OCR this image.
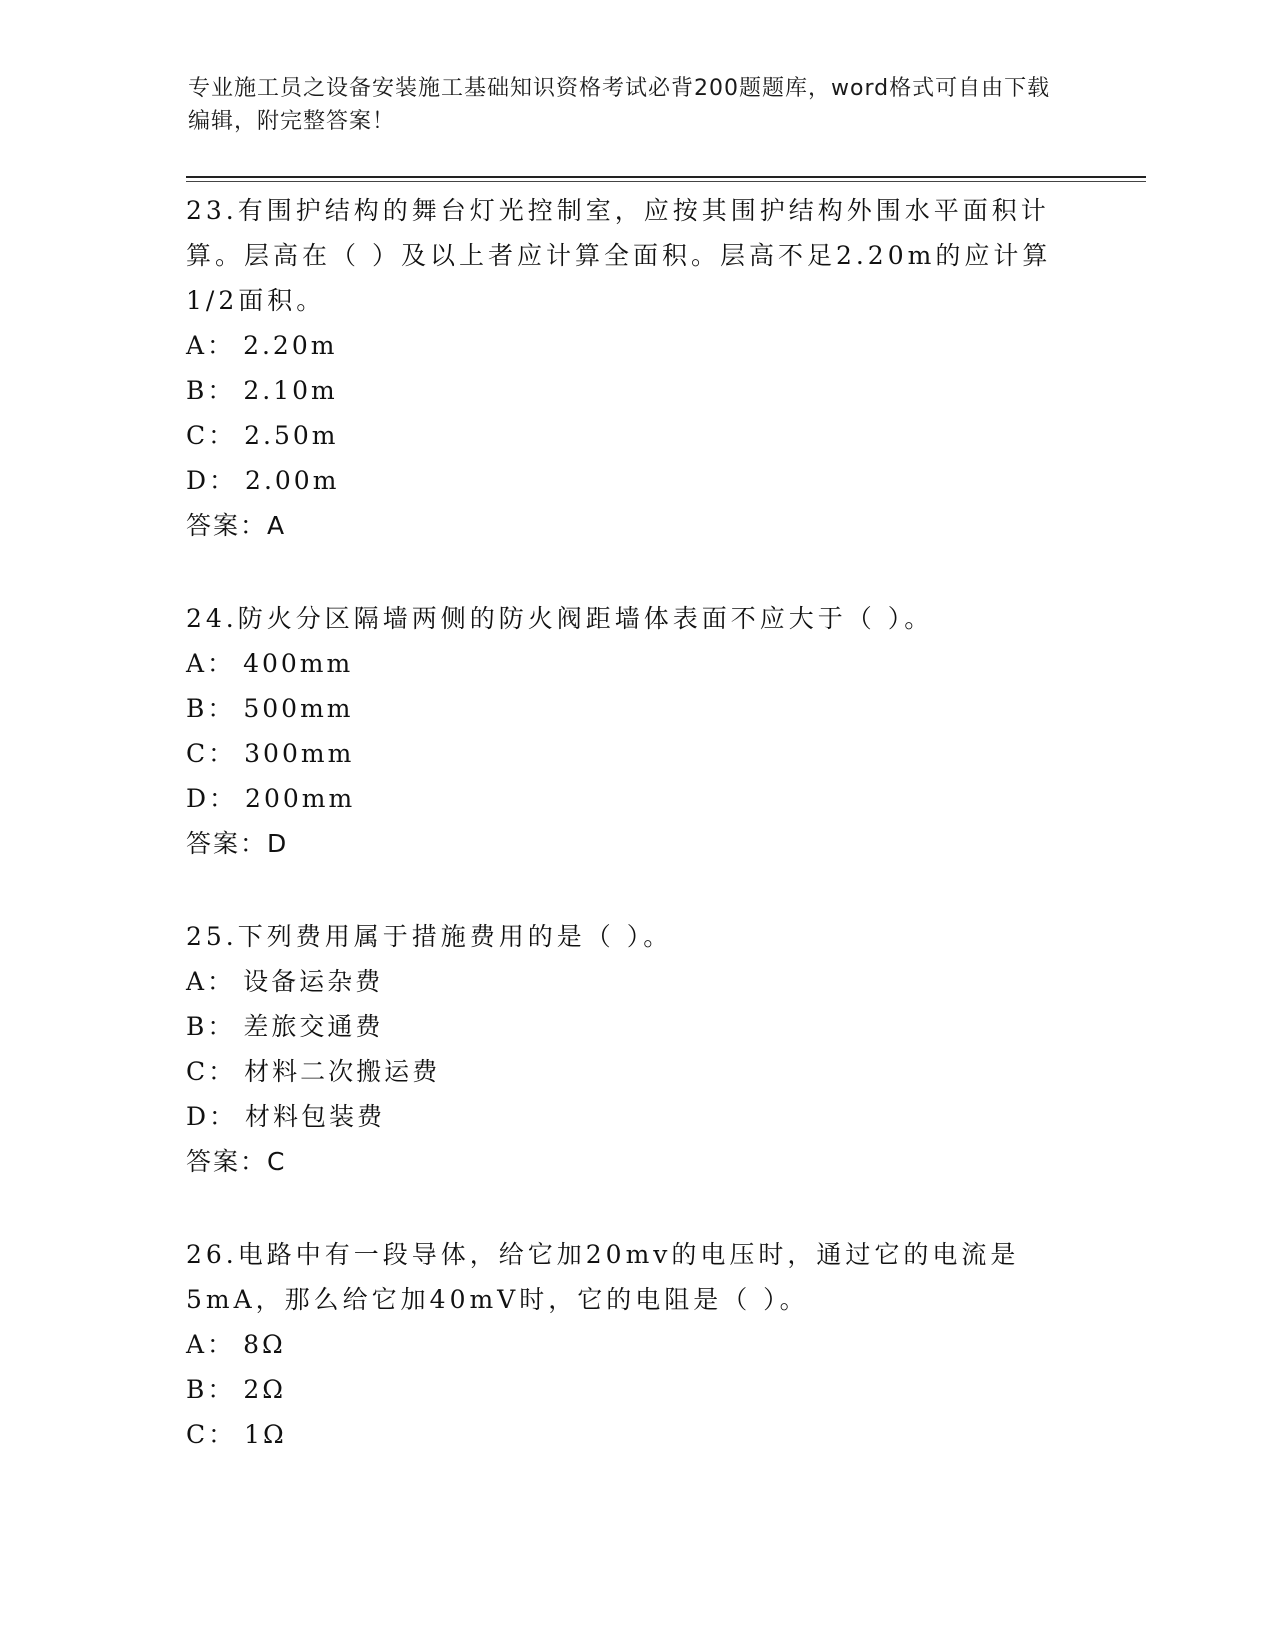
专业施工员之设备安装施工基础知识资格考试必背200题题库，word格式可自由下载编辑，附完整答案！

23.有围护结构的舞台灯光控制室，应按其围护结构外围水平面积计算。层高在（ ）及以上者应计算全面积。层高不足2.20m的应计算1/2面积。

A： 2.20m

B： 2.10m

C： 2.50m

D： 2.00m

答案：A

24.防火分区隔墙两侧的防火阀距墙体表面不应大于（ ）。

A： 400mm

B： 500mm

C： 300mm

D： 200mm

答案：D

25.下列费用属于措施费用的是（ ）。

A： 设备运杂费

B： 差旅交通费

C： 材料二次搬运费

D： 材料包装费

答案：C

26.电路中有一段导体，给它加20mv的电压时，通过它的电流是5mA，那么给它加40mV时，它的电阻是（ ）。

A： 8Ω

B： 2Ω

C： 1Ω
